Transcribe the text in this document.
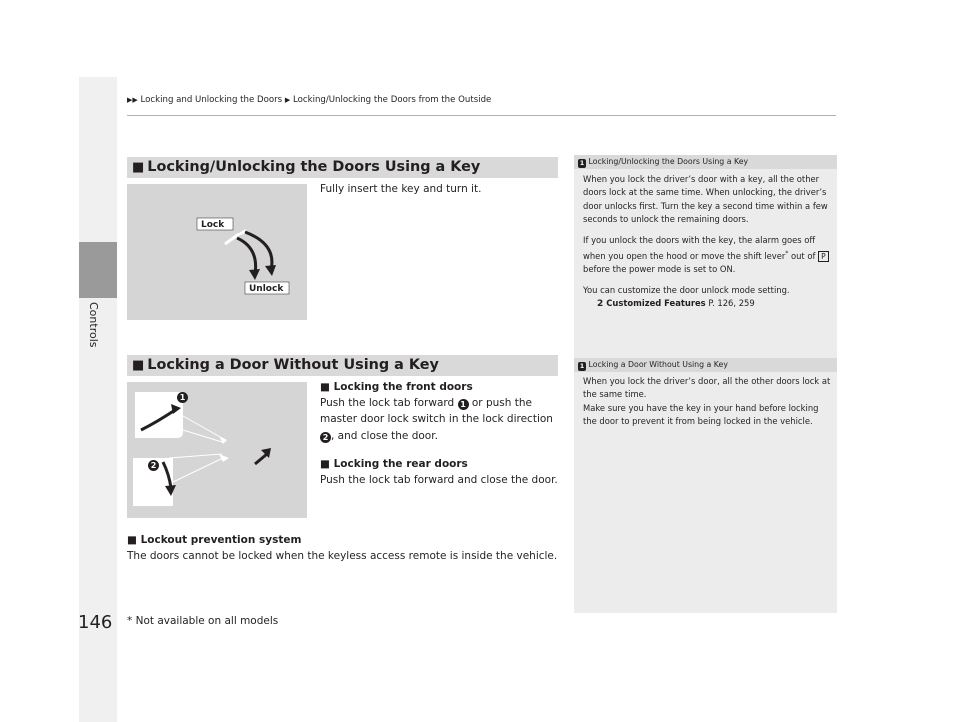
Controls
▶▶ Locking and Unlocking the Doors ▶ Locking/Unlocking the Doors from the Outside
■ Locking/Unlocking the Doors Using a Key
Lock
Unlock
Fully insert the key and turn it.
1 Locking/Unlocking the Doors Using a Key

When you lock the driver’s door with a key, all the other doors lock at the same time. When unlocking, the driver’s door unlocks first. Turn the key a second time within a few seconds to unlock the remaining doors.

If you unlock the doors with the key, the alarm goes off when you open the hood or move the shift lever* out of Pbefore the power mode is set to ON.

You can customize the door unlock mode setting.

2 Customized Features P. 126, 259
■ Locking a Door Without Using a Key
1
2
■ Locking the front doors
Push the lock tab forward 1 or push the master door lock switch in the lock direction 2 , and close the door.
■ Locking the rear doors
Push the lock tab forward and close the door.
1 Locking a Door Without Using a Key
When you lock the driver’s door, all the other doors lock at the same time.
Make sure you have the key in your hand before locking the door to prevent it from being locked in the vehicle.
■ Lockout prevention system
The doors cannot be locked when the keyless access remote is inside the vehicle.
146 * Not available on all models
